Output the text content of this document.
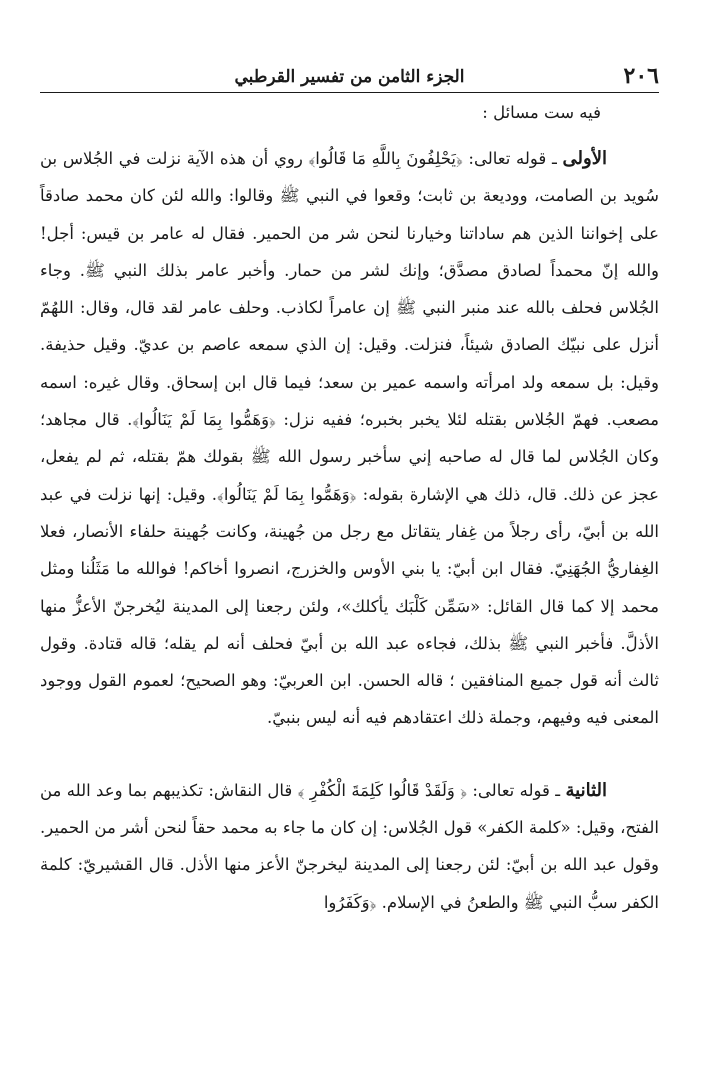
٢٠٦
الجزء الثامن من تفسير القرطبي

فيه ست مسائل :

الأولى ـ قوله تعالى: ﴿يَحْلِفُونَ بِاللَّهِ مَا قَالُوا﴾ روي أن هذه الآية نزلت في الجُلاس بن سُويد بن الصامت، ووديعة بن ثابت؛ وقعوا في النبي ﷺ وقالوا: والله لئن كان محمد صادقاً على إخواننا الذين هم ساداتنا وخيارنا لنحن شر من الحمير. فقال له عامر بن قيس: أجل! والله إنّ محمداً لصادق مصدَّق؛ وإنك لشر من حمار. وأخبر عامر بذلك النبي ﷺ. وجاء الجُلاس فحلف بالله عند منبر النبي ﷺ إن عامراً لكاذب. وحلف عامر لقد قال، وقال: اللهُمّ أنزل على نبيّك الصادق شيئاً، فنزلت. وقيل: إن الذي سمعه عاصم بن عديّ. وقيل حذيفة. وقيل: بل سمعه ولد امرأته واسمه عمير بن سعد؛ فيما قال ابن إسحاق. وقال غيره: اسمه مصعب. فهمّ الجُلاس بقتله لئلا يخبر بخبره؛ ففيه نزل: ﴿وَهَمُّوا بِمَا لَمْ يَنَالُوا﴾. قال مجاهد؛ وكان الجُلاس لما قال له صاحبه إني سأخبر رسول الله ﷺ بقولك همّ بقتله، ثم لم يفعل، عجز عن ذلك. قال، ذلك هي الإشارة بقوله: ﴿وَهَمُّوا بِمَا لَمْ يَنَالُوا﴾. وقيل: إنها نزلت في عبد الله بن أبيّ، رأى رجلاً من غِفار يتقاتل مع رجل من جُهينة، وكانت جُهينة حلفاء الأنصار، فعلا الغِفاريُّ الجُهَنِيّ. فقال ابن أبيّ: يا بني الأوس والخزرج، انصروا أخاكم! فوالله ما مَثَلُنا ومثل محمد إلا كما قال القائل: «سَمِّن كَلْبَك يأكلك»، ولئن رجعنا إلى المدينة ليُخرجنّ الأعزُّ منها الأذلَّ. فأخبر النبي ﷺ بذلك، فجاءه عبد الله بن أبيّ فحلف أنه لم يقله؛ قاله قتادة. وقول ثالث أنه قول جميع المنافقين ؛ قاله الحسن. ابن العربيّ: وهو الصحيح؛ لعموم القول ووجود المعنى فيه وفيهم، وجملة ذلك اعتقادهم فيه أنه ليس بنبيّ.

الثانية ـ قوله تعالى: ﴿ وَلَقَدْ قَالُوا كَلِمَةَ الْكُفْرِ ﴾ قال النقاش: تكذيبهم بما وعد الله من الفتح، وقيل: «كلمة الكفر» قول الجُلاس: إن كان ما جاء به محمد حقاً لنحن أشر من الحمير. وقول عبد الله بن أبيّ: لئن رجعنا إلى المدينة ليخرجنّ الأعز منها الأذل. قال القشيريّ: كلمة الكفر سبُّ النبي ﷺ والطعنُ في الإسلام. ﴿وَكَفَرُوا
